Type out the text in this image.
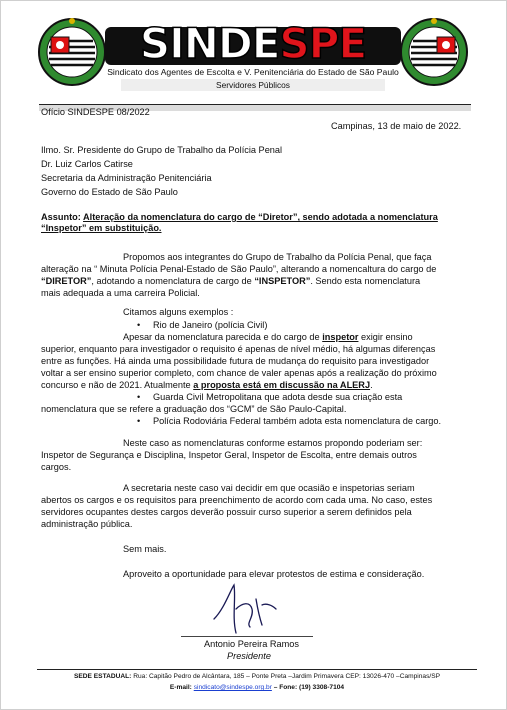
SINDESPE
Sindicato dos Agentes de Escolta e V. Penitenciária do Estado de São Paulo
Servidores Públicos
Ofício SINDESPE 08/2022
Campinas, 13 de maio de 2022.
Ilmo. Sr. Presidente do Grupo de Trabalho da Polícia Penal
Dr. Luiz Carlos Catirse
Secretaria da Administração Penitenciária
Governo do Estado de São Paulo
Assunto: Alteração da nomenclatura do cargo de “Diretor”, sendo adotada a nomenclatura
“Inspetor” em substituição.
Propomos aos integrantes do Grupo de Trabalho da Polícia Penal, que faça
alteração na “ Minuta Polícia Penal-Estado de São Paulo”, alterando a nomencaltura do cargo de
“DIRETOR”, adotando a nomenclatura de cargo de “INSPETOR”. Sendo esta nomenclatura
mais adequada a uma carreira Policial.
Citamos alguns exemplos :
• Rio de Janeiro (polícia Civil)
Apesar da nomenclatura parecida e do cargo de inspetor exigir ensino
superior, enquanto para investigador o requisito é apenas de nível médio, há algumas diferenças
entre as funções. Há ainda uma possibilidade futura de mudança do requisito para investigador
voltar a ser ensino superior completo, com chance de valer apenas após a realização do próximo
concurso e não de 2021. Atualmente a proposta está em discussão na ALERJ.
• Guarda Civil Metropolitana que adota desde sua criação esta
nomenclatura que se refere a graduação dos “GCM” de São Paulo-Capital.
• Polícia Rodoviária Federal também adota esta nomenclatura de cargo.
Neste caso as nomenclaturas conforme estamos propondo poderiam ser:
Inspetor de Segurança e Disciplina, Inspetor Geral, Inspetor de Escolta, entre demais outros
cargos.
A secretaria neste caso vai decidir em que ocasião e inspetorias seriam
abertos os cargos e os requisitos para preenchimento de acordo com cada uma. No caso, estes
servidores ocupantes destes cargos deverão possuir curso superior a serem definidos pela
administração pública.
Sem mais.
Aproveito a oportunidade para elevar protestos de estima e consideração.
Antonio Pereira Ramos
Presidente
SEDE ESTADUAL: Rua: Capitão Pedro de Alcântara, 185 – Ponte Preta –Jardim Primavera CEP: 13026-470 –Campinas/SP
E-mail: sindicato@sindespe.org.br – Fone: (19) 3308-7104
